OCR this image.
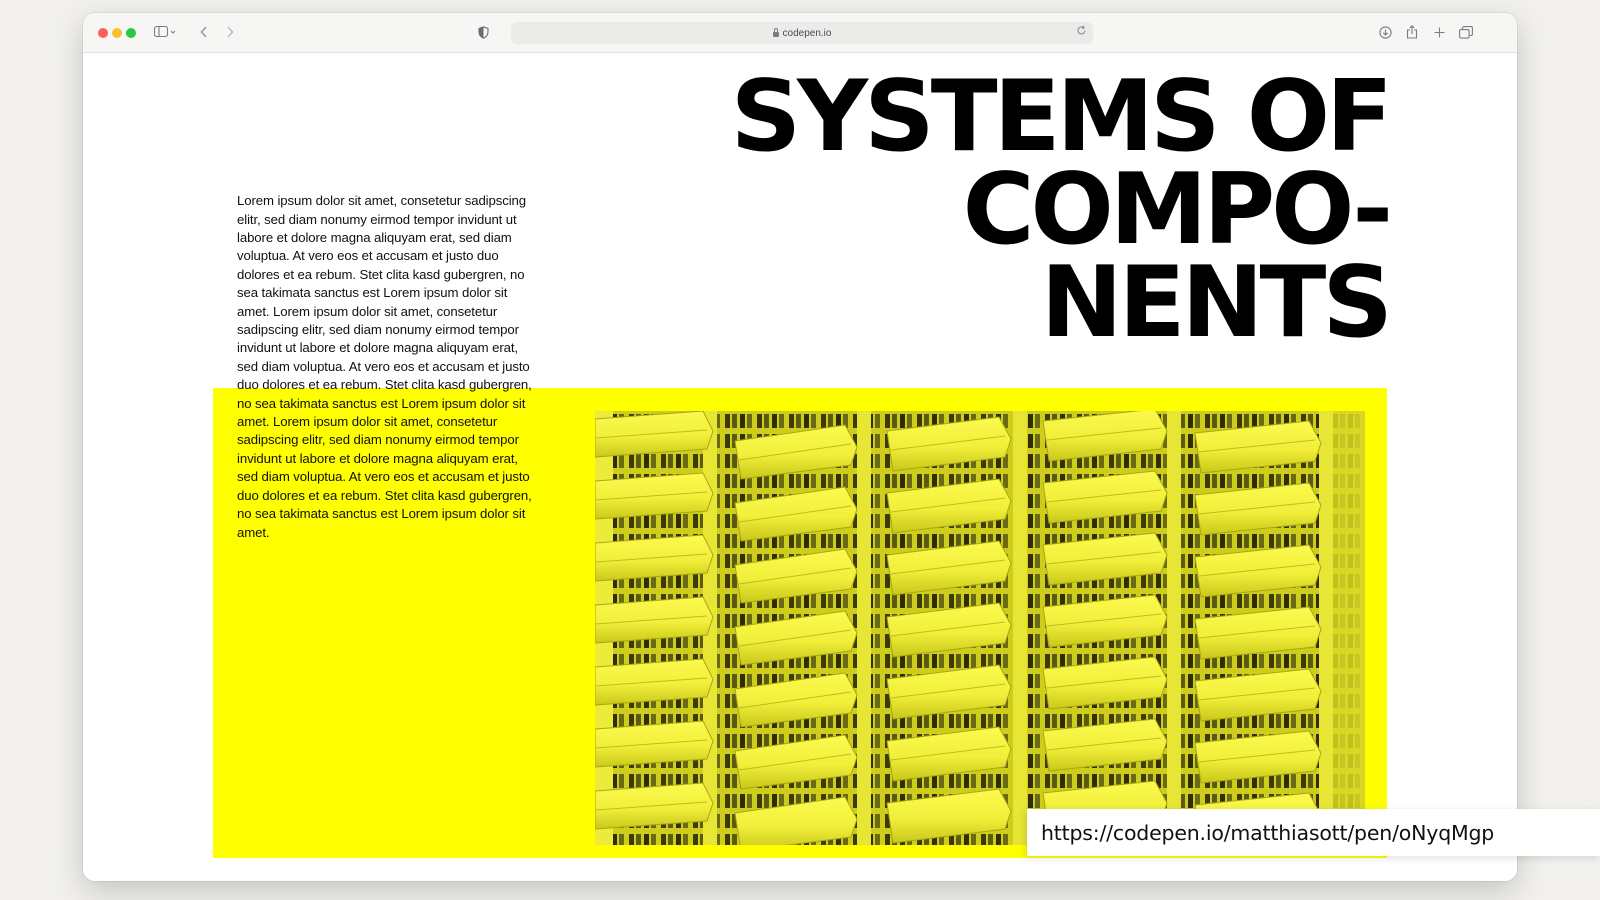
codepen.io

Lorem ipsum dolor sit amet, consetetur sadipscing elitr, sed diam nonumy eirmod tempor invidunt ut labore et dolore magna aliquyam erat, sed diam voluptua. At vero eos et accusam et justo duo dolores et ea rebum. Stet clita kasd gubergren, no sea takimata sanctus est Lorem ipsum dolor sit amet. Lorem ipsum dolor sit amet, consetetur sadipscing elitr, sed diam nonumy eirmod tempor invidunt ut labore et dolore magna aliquyam erat, sed diam voluptua. At vero eos et accusam et justo duo dolores et ea rebum. Stet clita kasd gubergren, no sea takimata sanctus est Lorem ipsum dolor sit amet. Lorem ipsum dolor sit amet, consetetur sadipscing elitr, sed diam nonumy eirmod tempor invidunt ut labore et dolore magna aliquyam erat, sed diam voluptua. At vero eos et accusam et justo duo dolores et ea rebum. Stet clita kasd gubergren, no sea takimata sanctus est Lorem ipsum dolor sit amet.

SYSTEMS OF
COMPO-
NENTS
https://codepen.io/matthiasott/pen/oNyqMgp
